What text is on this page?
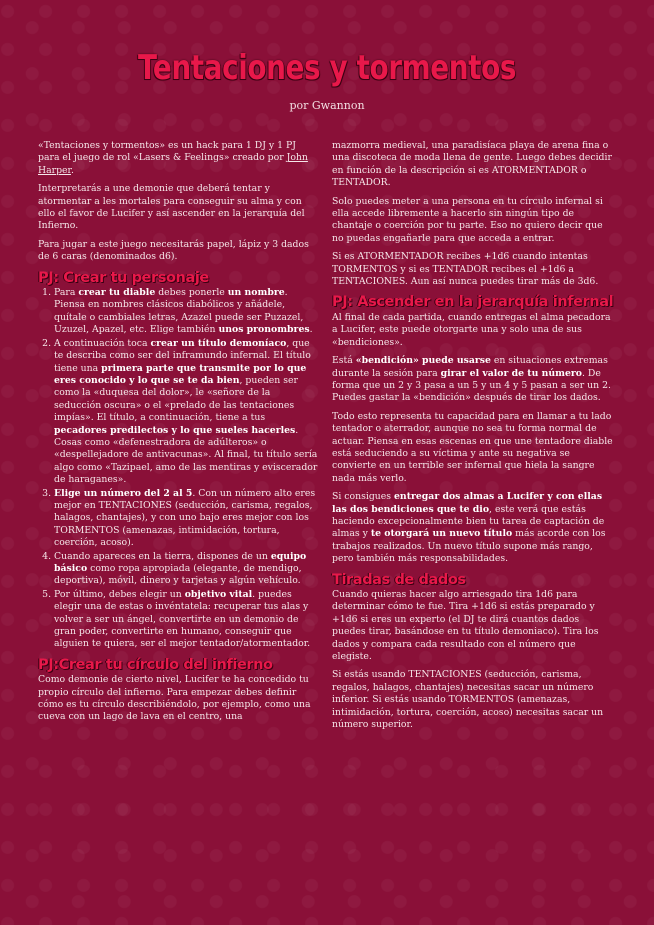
Tentaciones y tormentos
por Gwannon

«Tentaciones y tormentos» es un hack para 1 DJ y 1 PJ para el juego de rol «Lasers & Feelings» creado por John Harper.

Interpretarás a une demonie que deberá tentar y atormentar a les mortales para conseguir su alma y con ello el favor de Lucifer y así ascender en la jerarquía del Infierno.

Para jugar a este juego necesitarás papel, lápiz y 3 dados de 6 caras (denominados d6).

PJ: Crear tu personaje
1. Para crear tu diable debes ponerle un nombre. Piensa en nombres clásicos diabólicos y añádele, quítale o cambiales letras, Azazel puede ser Puzazel, Uzuzel, Apazel, etc. Elige también unos pronombres.
2. A continuación toca crear un título demoníaco, que te describa como ser del inframundo infernal. El título tiene una primera parte que transmite por lo que eres conocido y lo que se te da bien, pueden ser como la «duquesa del dolor», le «señore de la seducción oscura» o el «prelado de las tentaciones impías». El título, a continuación, tiene a tus pecadores predilectos y lo que sueles hacerles. Cosas como «defenestradora de adúlteros» o «despellejadore de antivacunas». Al final, tu título sería algo como «Tazipael, amo de las mentiras y eviscerador de haraganes».
3. Elige un número del 2 al 5. Con un número alto eres mejor en TENTACIONES (seducción, carisma, regalos, halagos, chantajes), y con uno bajo eres mejor con los TORMENTOS (amenazas, intimidación, tortura, coerción, acoso).
4. Cuando apareces en la tierra, dispones de un equipo básico como ropa apropiada (elegante, de mendigo, deportiva), móvil, dinero y tarjetas y algún vehículo.
5. Por último, debes elegir un objetivo vital. puedes elegir una de estas o invéntatela: recuperar tus alas y volver a ser un ángel, convertirte en un demonio de gran poder, convertirte en humano, conseguir que alguien te quiera, ser el mejor tentador/atormentador.
PJ:Crear tu círculo del infierno

Como demonie de cierto nivel, Lucifer te ha concedido tu propio círculo del infierno. Para empezar debes definir cómo es tu círculo describiéndolo, por ejemplo, como una cueva con un lago de lava en el centro, una

mazmorra medieval, una paradisíaca playa de arena fina o una discoteca de moda llena de gente. Luego debes decidir en función de la descripción si es ATORMENTADOR o TENTADOR.

Solo puedes meter a una persona en tu círculo infernal si ella accede libremente a hacerlo sin ningún tipo de chantaje o coerción por tu parte. Eso no quiero decir que no puedas engañarle para que acceda a entrar.

Si es ATORMENTADOR recibes +1d6 cuando intentas TORMENTOS y si es TENTADOR recibes el +1d6 a TENTACIONES. Aun así nunca puedes tirar más de 3d6.

PJ: Ascender en la jerarquía infernal

Al final de cada partida, cuando entregas el alma pecadora a Lucifer, este puede otorgarte una y solo una de sus «bendiciones».

Está «bendición» puede usarse en situaciones extremas durante la sesión para girar el valor de tu número. De forma que un 2 y 3 pasa a un 5 y un 4 y 5 pasan a ser un 2. Puedes gastar la «bendición» después de tirar los dados.

Todo esto representa tu capacidad para en llamar a tu lado tentador o aterrador, aunque no sea tu forma normal de actuar. Piensa en esas escenas en que une tentadore diable está seduciendo a su víctima y ante su negativa se convierte en un terrible ser infernal que hiela la sangre nada más verlo.

Si consigues entregar dos almas a Lucifer y con ellas las dos bendiciones que te dio, este verá que estás haciendo excepcionalmente bien tu tarea de captación de almas y te otorgará un nuevo título más acorde con los trabajos realizados. Un nuevo título supone más rango, pero también más responsabilidades.

Tiradas de dados

Cuando quieras hacer algo arriesgado tira 1d6 para determinar cómo te fue. Tira +1d6 si estás preparado y +1d6 si eres un experto (el DJ te dirá cuantos dados puedes tirar, basándose en tu título demoniaco). Tira los dados y compara cada resultado con el número que elegiste.

Si estás usando TENTACIONES (seducción, carisma, regalos, halagos, chantajes) necesitas sacar un número inferior. Si estás usando TORMENTOS (amenazas, intimidación, tortura, coerción, acoso) necesitas sacar un número superior.
